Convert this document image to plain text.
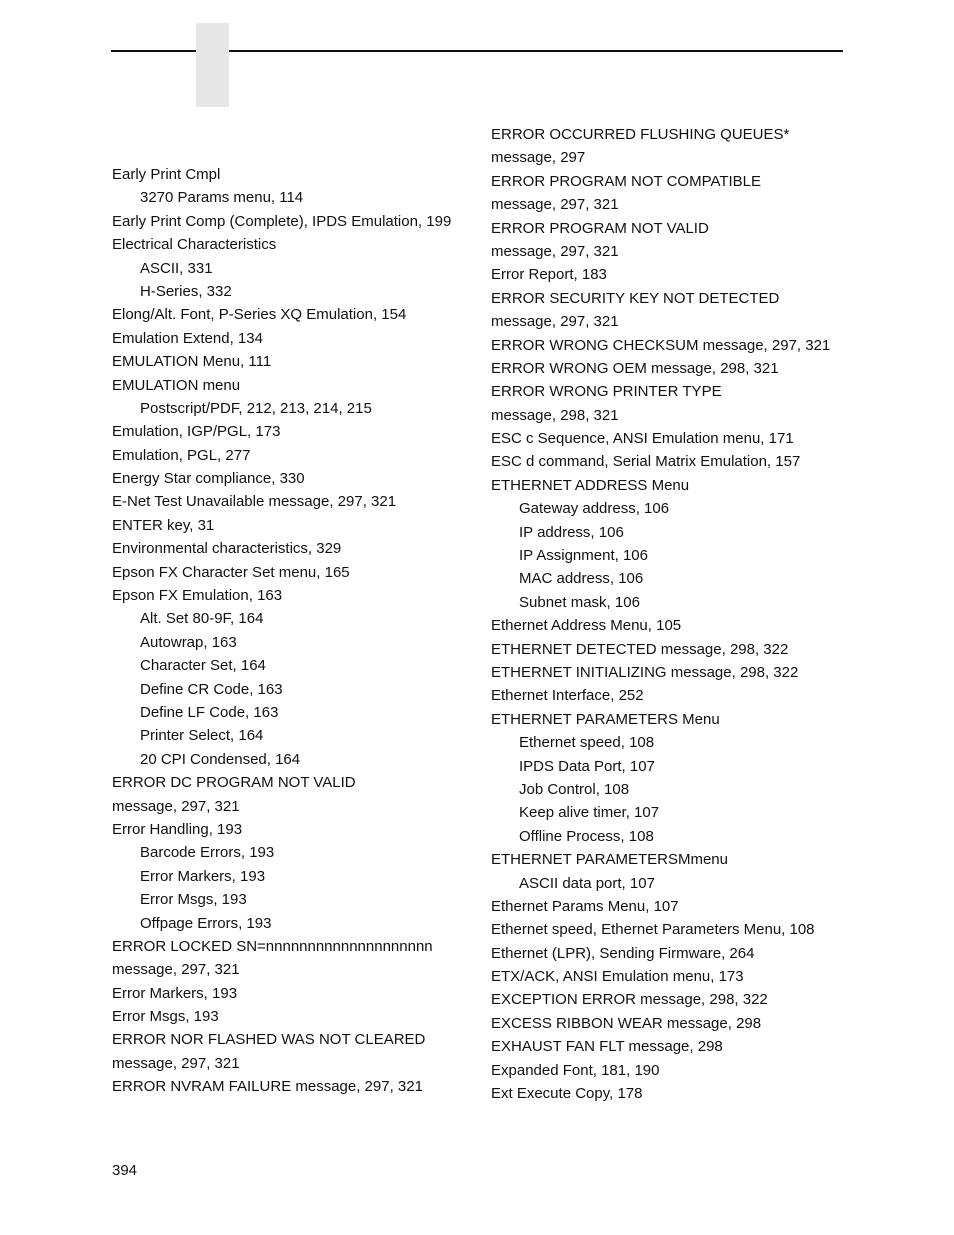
Early Print Cmpl
3270 Params menu, 114
Early Print Comp (Complete), IPDS Emulation, 199
Electrical Characteristics
ASCII, 331
H-Series, 332
Elong/Alt. Font, P-Series XQ Emulation, 154
Emulation Extend, 134
EMULATION Menu, 111
EMULATION menu
Postscript/PDF, 212, 213, 214, 215
Emulation, IGP/PGL, 173
Emulation, PGL, 277
Energy Star compliance, 330
E-Net Test Unavailable message, 297, 321
ENTER key, 31
Environmental characteristics, 329
Epson FX Character Set menu, 165
Epson FX Emulation, 163
Alt. Set 80-9F, 164
Autowrap, 163
Character Set, 164
Define CR Code, 163
Define LF Code, 163
Printer Select, 164
20 CPI Condensed, 164
ERROR DC PROGRAM NOT VALID
message, 297, 321
Error Handling, 193
Barcode Errors, 193
Error Markers, 193
Error Msgs, 193
Offpage Errors, 193
ERROR LOCKED SN=nnnnnnnnnnnnnnnnnnnn
message, 297, 321
Error Markers, 193
Error Msgs, 193
ERROR NOR FLASHED WAS NOT CLEARED
message, 297, 321
ERROR NVRAM FAILURE message, 297, 321
ERROR OCCURRED FLUSHING QUEUES*
message, 297
ERROR PROGRAM NOT COMPATIBLE
message, 297, 321
ERROR PROGRAM NOT VALID
message, 297, 321
Error Report, 183
ERROR SECURITY KEY NOT DETECTED
message, 297, 321
ERROR WRONG CHECKSUM message, 297, 321
ERROR WRONG OEM message, 298, 321
ERROR WRONG PRINTER TYPE
message, 298, 321
ESC c Sequence, ANSI Emulation menu, 171
ESC d command, Serial Matrix Emulation, 157
ETHERNET ADDRESS Menu
Gateway address, 106
IP address, 106
IP Assignment, 106
MAC address, 106
Subnet mask, 106
Ethernet Address Menu, 105
ETHERNET DETECTED message, 298, 322
ETHERNET INITIALIZING message, 298, 322
Ethernet Interface, 252
ETHERNET PARAMETERS Menu
Ethernet speed, 108
IPDS Data Port, 107
Job Control, 108
Keep alive timer, 107
Offline Process, 108
ETHERNET PARAMETERSMmenu
ASCII data port, 107
Ethernet Params Menu, 107
Ethernet speed, Ethernet Parameters Menu, 108
Ethernet (LPR), Sending Firmware, 264
ETX/ACK, ANSI Emulation menu, 173
EXCEPTION ERROR message, 298, 322
EXCESS RIBBON WEAR message, 298
EXHAUST FAN FLT message, 298
Expanded Font, 181, 190
Ext Execute Copy, 178
394
